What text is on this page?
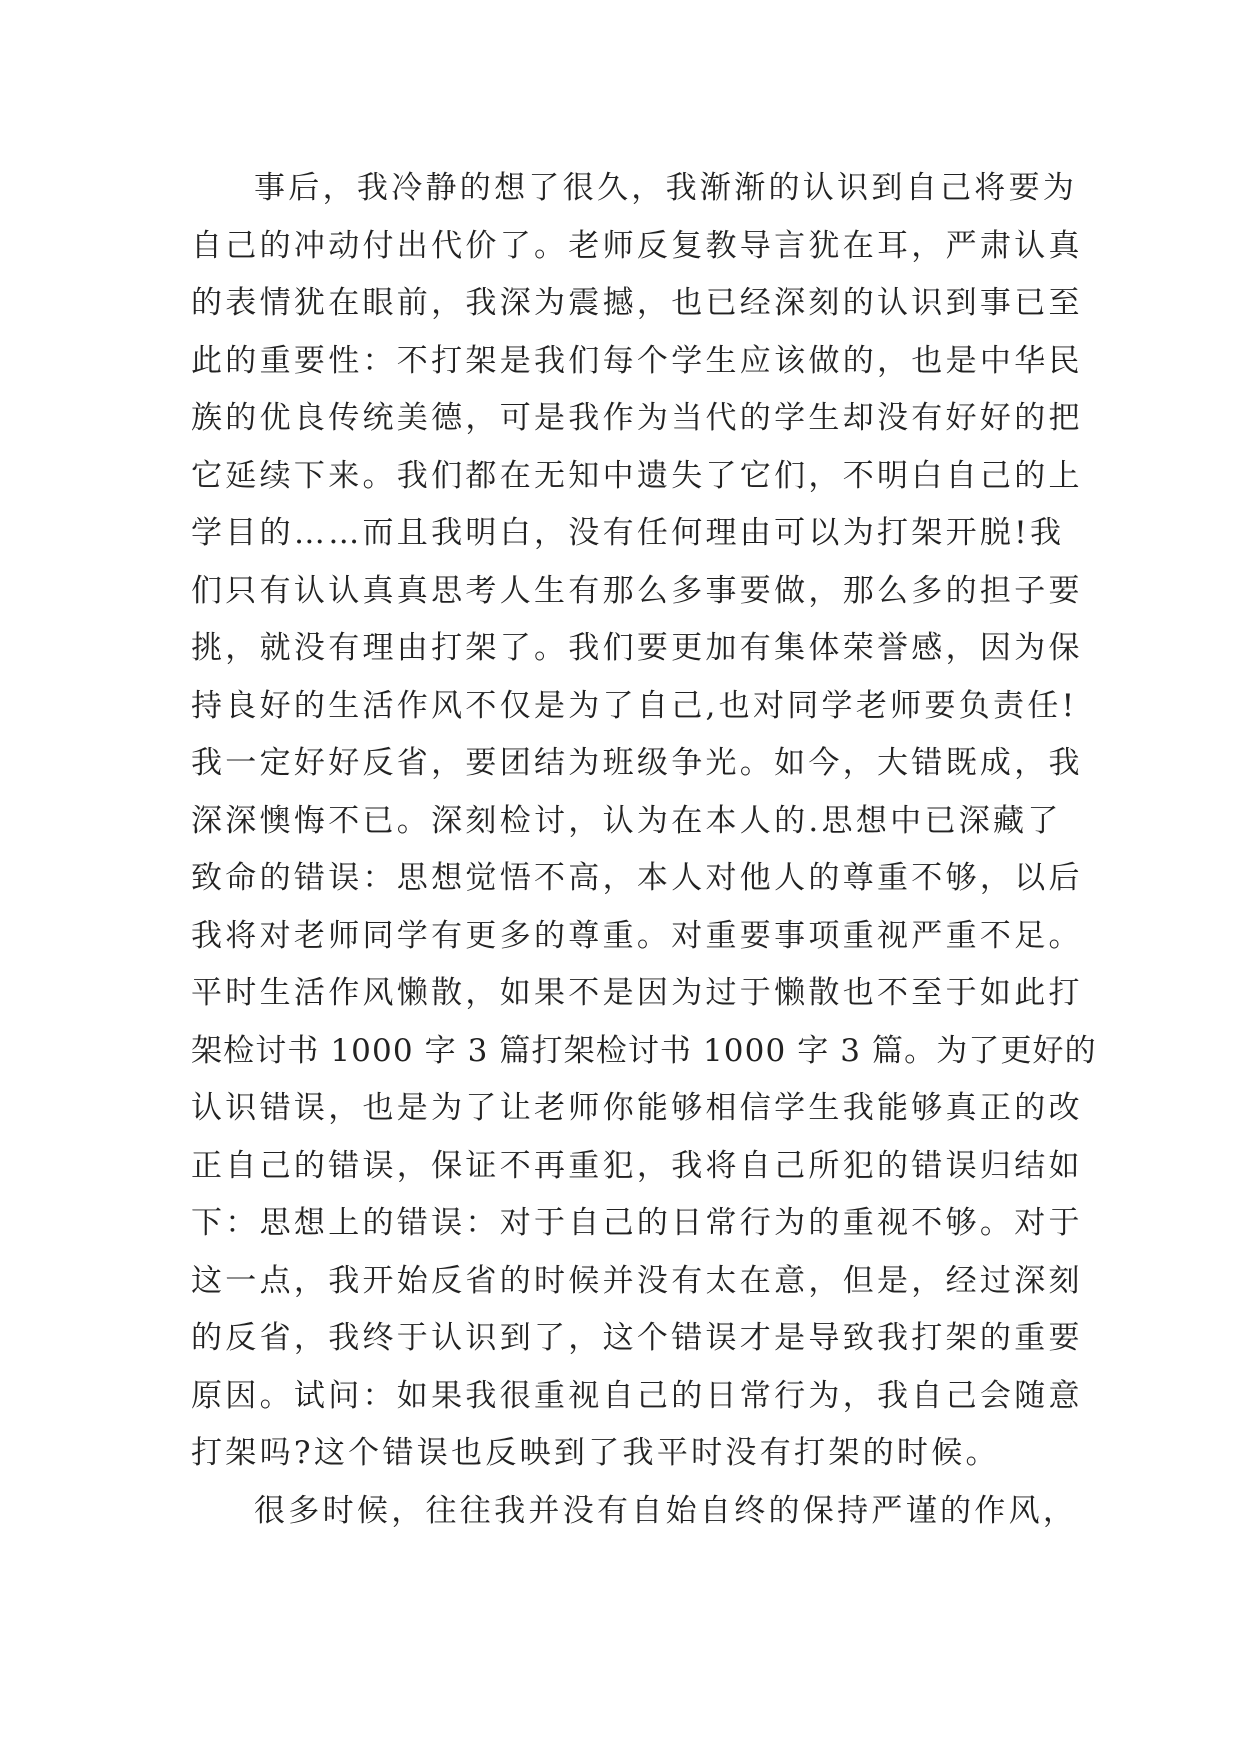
事后，我冷静的想了很久，我渐渐的认识到自己将要为

自己的冲动付出代价了。老师反复教导言犹在耳，严肃认真

的表情犹在眼前，我深为震撼，也已经深刻的认识到事已至

此的重要性：不打架是我们每个学生应该做的，也是中华民

族的优良传统美德，可是我作为当代的学生却没有好好的把

它延续下来。我们都在无知中遗失了它们，不明白自己的上

学目的……而且我明白，没有任何理由可以为打架开脱!我

们只有认认真真思考人生有那么多事要做，那么多的担子要

挑，就没有理由打架了。我们要更加有集体荣誉感，因为保

持良好的生活作风不仅是为了自己,也对同学老师要负责任!

我一定好好反省，要团结为班级争光。如今，大错既成，我

深深懊悔不已。深刻检讨，认为在本人的.思想中已深藏了

致命的错误：思想觉悟不高，本人对他人的尊重不够，以后

我将对老师同学有更多的尊重。对重要事项重视严重不足。

平时生活作风懒散，如果不是因为过于懒散也不至于如此打

架检讨书 1000 字 3 篇打架检讨书 1000 字 3 篇。为了更好的

认识错误，也是为了让老师你能够相信学生我能够真正的改

正自己的错误，保证不再重犯，我将自己所犯的错误归结如

下：思想上的错误：对于自己的日常行为的重视不够。对于

这一点，我开始反省的时候并没有太在意，但是，经过深刻

的反省，我终于认识到了，这个错误才是导致我打架的重要

原因。试问：如果我很重视自己的日常行为，我自己会随意

打架吗?这个错误也反映到了我平时没有打架的时候。

很多时候，往往我并没有自始自终的保持严谨的作风，
